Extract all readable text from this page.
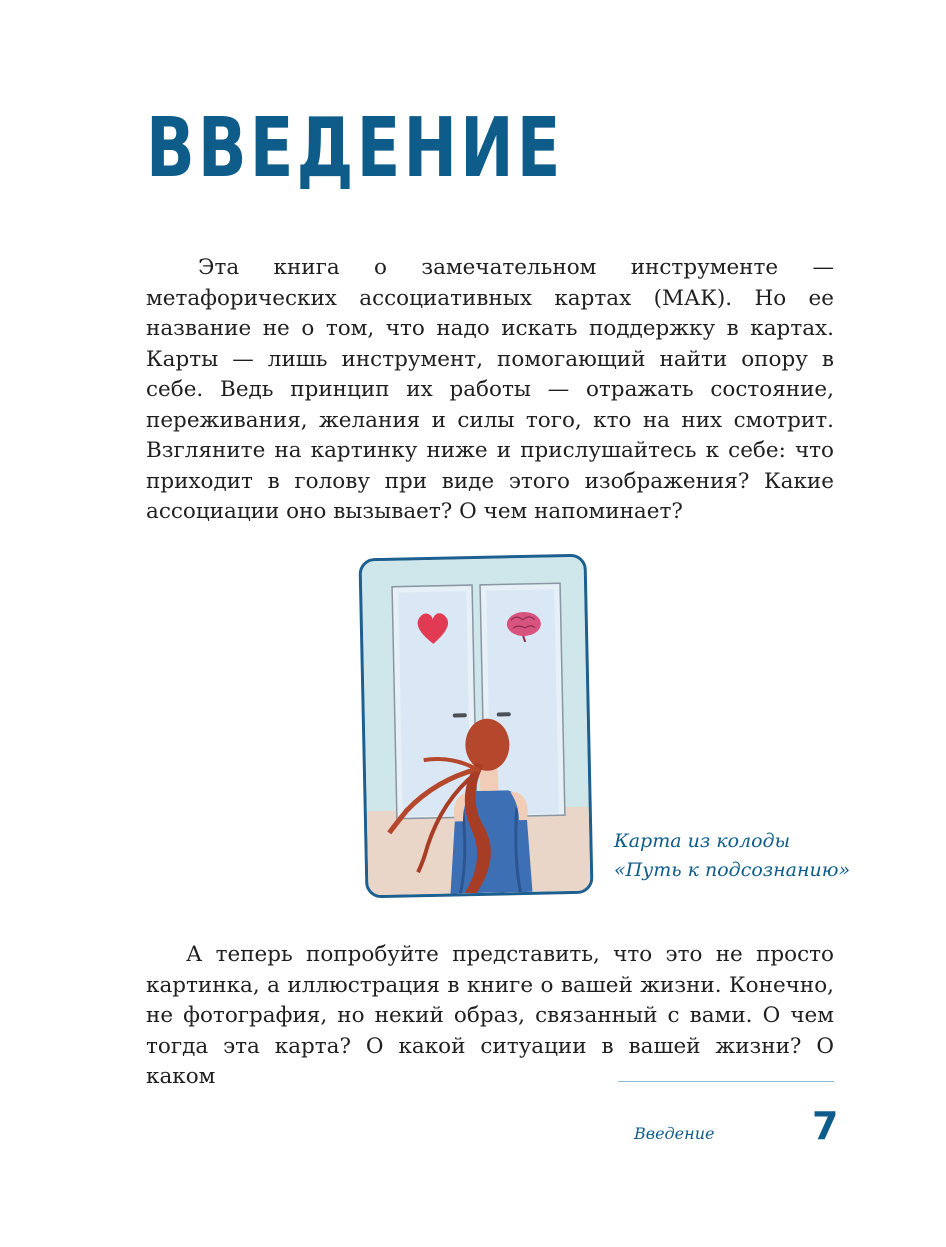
ВВЕДЕНИЕ

Эта книга о замечательном инструменте — метафорических ассоциативных картах (МАК). Но ее название не о том, что надо искать поддержку в картах. Карты — лишь инструмент, помогающий найти опору в себе. Ведь принцип их работы — отражать состояние, переживания, желания и силы того, кто на них смотрит. Взгляните на картинку ниже и прислушайтесь к себе: что приходит в голову при виде этого изображения? Какие ассоциации оно вызывает? О чем напоминает?

Карта из колоды
«Путь к подсознанию»

А теперь попробуйте представить, что это не просто картинка, а иллюстрация в книге о вашей жизни. Конечно, не фотография, но некий образ, связанный с вами. О чем тогда эта карта? О какой ситуации в вашей жизни? О каком

Введение	7
